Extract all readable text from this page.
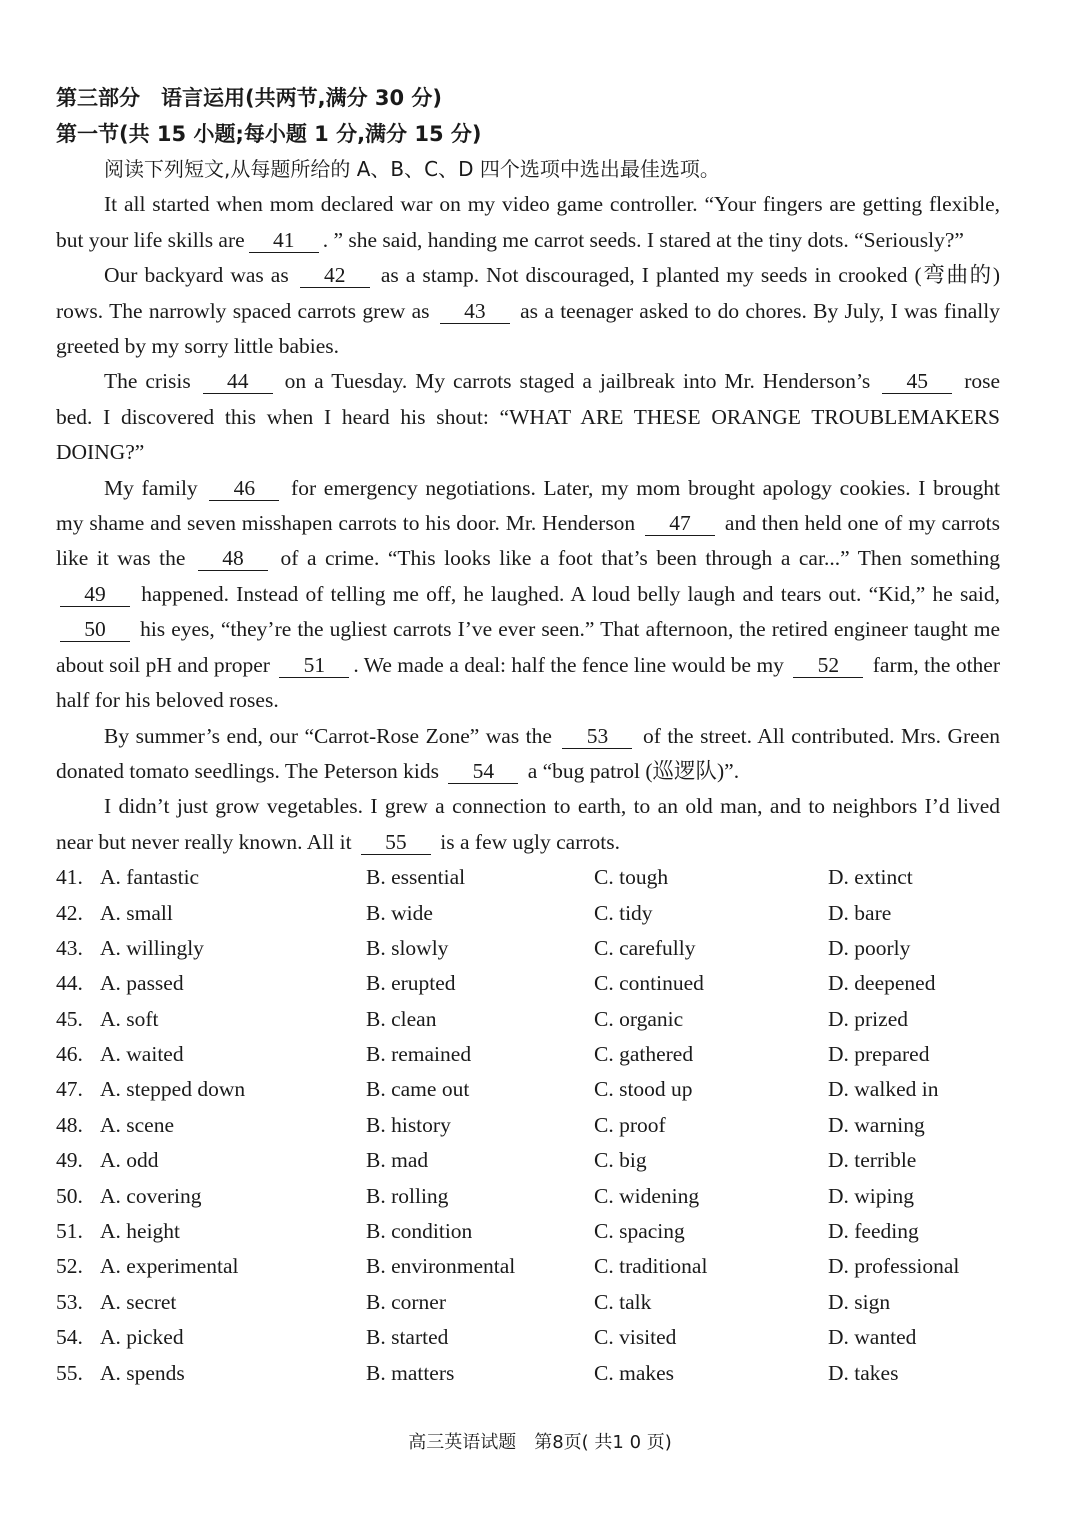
第三部分　语言运用(共两节,满分 30 分)

第一节(共 15 小题;每小题 1 分,满分 15 分)

阅读下列短文,从每题所给的 A、B、C、D 四个选项中选出最佳选项。

It all started when mom declared war on my video game controller. “Your fingers are getting flexible, but your life skills are 41 . ” she said, handing me carrot seeds. I stared at the tiny dots. “Seriously?”

Our backyard was as 42 as a stamp. Not discouraged, I planted my seeds in crooked (弯曲的) rows. The narrowly spaced carrots grew as 43 as a teenager asked to do chores. By July, I was finally greeted by my sorry little babies.

The crisis 44 on a Tuesday. My carrots staged a jailbreak into Mr. Henderson’s 45 rose bed. I discovered this when I heard his shout: “WHAT ARE THESE ORANGE TROUBLEMAKERS DOING?”

My family 46 for emergency negotiations. Later, my mom brought apology cookies. I brought my shame and seven misshapen carrots to his door. Mr. Henderson 47 and then held one of my carrots like it was the 48 of a crime. “This looks like a foot that’s been through a car...” Then something 49 happened. Instead of telling me off, he laughed. A loud belly laugh and tears out. “Kid,” he said, 50 his eyes, “they’re the ugliest carrots I’ve ever seen.” That afternoon, the retired engineer taught me about soil pH and proper 51 . We made a deal: half the fence line would be my 52 farm, the other half for his beloved roses.

By summer’s end, our “Carrot-Rose Zone” was the 53 of the street. All contributed. Mrs. Green donated tomato seedlings. The Peterson kids 54 a “bug patrol (巡逻队)”.

I didn’t just grow vegetables. I grew a connection to earth, to an old man, and to neighbors I’d lived near but never really known. All it 55 is a few ugly carrots.

41. A. fantastic	B. essential	C. tough	D. extinct
42. A. small	B. wide	C. tidy	D. bare
43. A. willingly	B. slowly	C. carefully	D. poorly
44. A. passed	B. erupted	C. continued	D. deepened
45. A. soft	B. clean	C. organic	D. prized
46. A. waited	B. remained	C. gathered	D. prepared
47. A. stepped down	B. came out	C. stood up	D. walked in
48. A. scene	B. history	C. proof	D. warning
49. A. odd	B. mad	C. big	D. terrible
50. A. covering	B. rolling	C. widening	D. wiping
51. A. height	B. condition	C. spacing	D. feeding
52. A. experimental	B. environmental	C. traditional	D. professional
53. A. secret	B. corner	C. talk	D. sign
54. A. picked	B. started	C. visited	D. wanted
55. A. spends	B. matters	C. makes	D. takes
高三英语试题　第8页( 共1 0 页)
